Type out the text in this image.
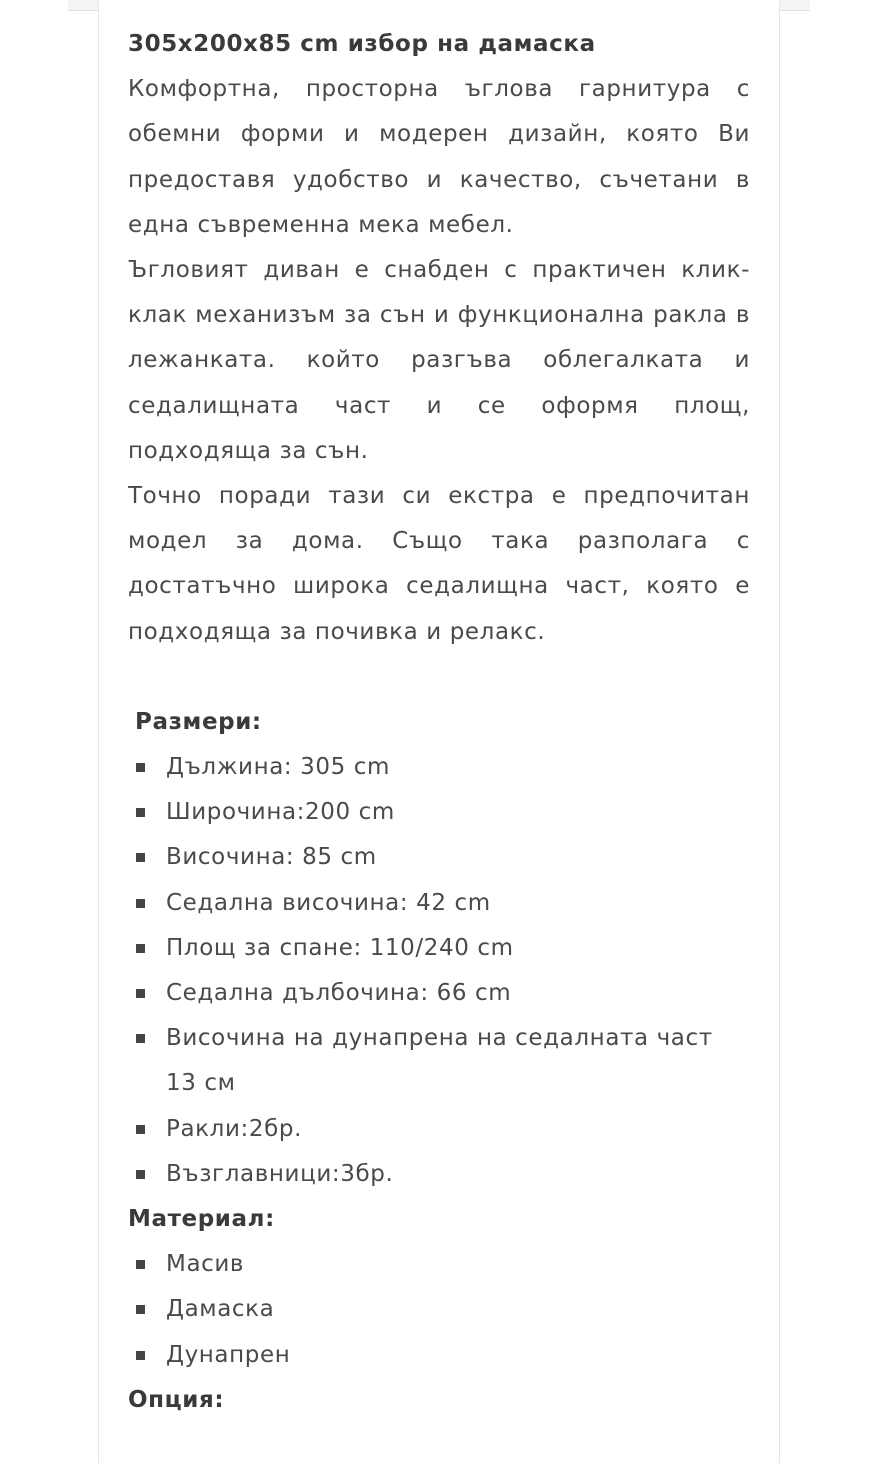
305x200x85 cm избор на дамаска

Комфортна, просторна ъглова гарнитура с обемни форми и модерен дизайн, която Ви предоставя удобство и качество, съчетани в една съвременна мека мебел.

Ъгловият диван е снабден с практичен клик-клак механизъм за сън и функционална ракла в лежанката. който разгъва облегалката и седалищната част и се оформя площ, подходяща за сън.

Точно поради тази си екстра е предпочитан модел за дома. Също така разполага с достатъчно широка седалищна част, която е подходяща за почивка и релакс.

Размери:

Дължина: 305 cm
Широчина:200 cm
Височина: 85 cm
Седална височина: 42 cm
Площ за спане: 110/240 cm
Седална дълбочина: 66 cm
Височина на дунапрена на седалната част 13 см
Ракли:2бр.
Възглавници:3бр.

Материал:

Масив
Дамаска
Дунапрен

Опция:
